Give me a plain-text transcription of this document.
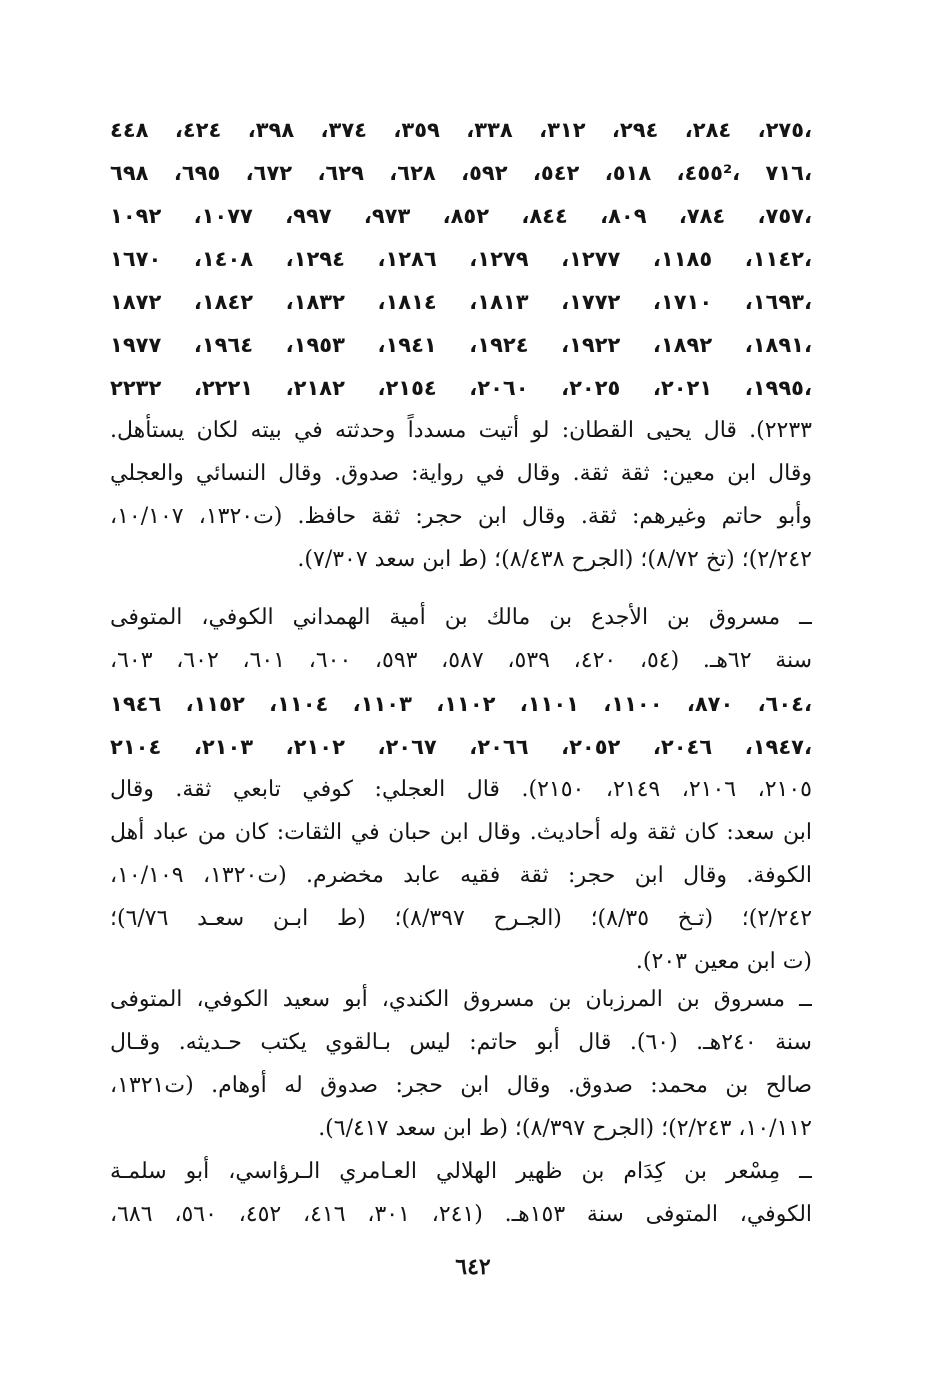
٢٧٥، ٢٨٤، ٢٩٤، ٣١٢، ٣٣٨، ٣٥٩، ٣٧٤، ٣٩٨، ٤٢٤، ٤٤٨،
٤٥٥، ٥١٨، ٥٤٢، ٥٩٢، ٦٢٨، ٦٢٩، ٦٧٢، ٦٩٥، ٦٩٨²، ٧١٦،
٧٥٧، ٧٨٤، ٨٠٩، ٨٤٤، ٨٥٢، ٩٧٣، ٩٩٧، ١٠٧٧، ١٠٩٢،
١١٤٢، ١١٨٥، ١٢٧٧، ١٢٧٩، ١٢٨٦، ١٢٩٤، ١٤٠٨، ١٦٧٠،
١٦٩٣، ١٧١٠، ١٧٧٢، ١٨١٣، ١٨١٤، ١٨٣٢، ١٨٤٢، ١٨٧٢،
١٨٩١، ١٨٩٢، ١٩٢٢، ١٩٢٤، ١٩٤١، ١٩٥٣، ١٩٦٤، ١٩٧٧،
١٩٩٥، ٢٠٢١، ٢٠٢٥، ٢٠٦٠، ٢١٥٤، ٢١٨٢، ٢٢٢١، ٢٢٣٢،
٢٢٣٣). قال يحيى القطان: لو أتيت مسدداً وحدثته في بيته لكان يستأهل.
وقال ابن معين: ثقة ثقة. وقال في رواية: صدوق. وقال النسائي والعجلي
وأبو حاتم وغيرهم: ثقة. وقال ابن حجر: ثقة حافظ. (ت١٣٢٠، ١٠/١٠٧،
٢/٢٤٢)؛ (تخ ٨/٧٢)؛ (الجرح ٨/٤٣٨)؛ (ط ابن سعد ٧/٣٠٧).
ــ مسروق بن الأجدع بن مالك بن أمية الهمداني الكوفي، المتوفى
سنة ٦٢هـ. (٥٤، ٤٢٠، ٥٣٩، ٥٨٧، ٥٩٣، ٦٠٠، ٦٠١، ٦٠٢، ٦٠٣،
٦٠٤، ٨٧٠، ١١٠٠، ١١٠١، ١١٠٢، ١١٠٣، ١١٠٤، ١١٥٢، ١٩٤٦،
١٩٤٧، ٢٠٤٦، ٢٠٥٢، ٢٠٦٦، ٢٠٦٧، ٢١٠٢، ٢١٠٣، ٢١٠٤،
٢١٠٥، ٢١٠٦، ٢١٤٩، ٢١٥٠). قال العجلي: كوفي تابعي ثقة. وقال
ابن سعد: كان ثقة وله أحاديث. وقال ابن حبان في الثقات: كان من عباد أهل
الكوفة. وقال ابن حجر: ثقة فقيه عابد مخضرم. (ت١٣٢٠، ١٠/١٠٩،
٢/٢٤٢)؛ (تـخ ٨/٣٥)؛ (الجـرح ٨/٣٩٧)؛ (ط ابـن سعـد ٦/٧٦)؛
(ت ابن معين ٢٠٣).
ــ مسروق بن المرزبان بن مسروق الكندي، أبو سعيد الكوفي، المتوفى
سنة ٢٤٠هـ. (٦٠). قال أبو حاتم: ليس بـالقوي يكتب حـديثه. وقـال
صالح بن محمد: صدوق. وقال ابن حجر: صدوق له أوهام. (ت١٣٢١،
١٠/١١٢، ٢/٢٤٣)؛ (الجرح ٨/٣٩٧)؛ (ط ابن سعد ٦/٤١٧).
ــ مِسْعر بن كِدَام بن ظهير الهلالي العـامري الـرؤاسي، أبو سلمـة
الكوفي، المتوفى سنة ١٥٣هـ. (٢٤١، ٣٠١، ٤١٦، ٤٥٢، ٥٦٠، ٦٨٦،
٦٤٢
